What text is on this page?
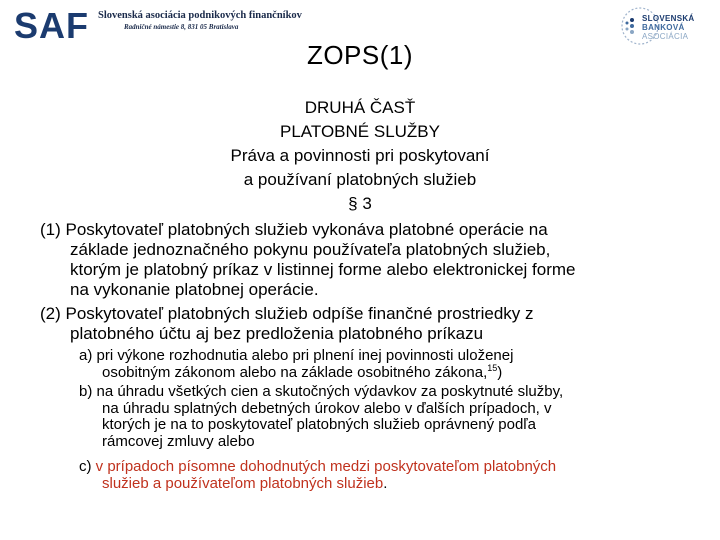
SAF Slovenská asociácia podnikových finančníkov
Radničné námestie 8, 831 05 Bratislava
SLOVENSKÁ
BANKOVÁ
ASOCIÁCIA
ZOPS(1)
DRUHÁ ČASŤ
PLATOBNÉ SLUŽBY
Práva a povinnosti pri poskytovaní
a používaní platobných služieb
§ 3
(1) Poskytovateľ platobných služieb vykonáva platobné operácie na
základe jednoznačného pokynu používateľa platobných služieb,
ktorým je platobný príkaz v listinnej forme alebo elektronickej forme
na vykonanie platobnej operácie.
(2) Poskytovateľ platobných služieb odpíše finančné prostriedky z
platobného účtu aj bez predloženia platobného príkazu
a) pri výkone rozhodnutia alebo pri plnení inej povinnosti uloženej
osobitným zákonom alebo na základe osobitného zákona,$^{15}$)
b) na úhradu všetkých cien a skutočných výdavkov za poskytnuté služby,
na úhradu splatných debetných úrokov alebo v ďalších prípadoch, v
ktorých je na to poskytovateľ platobných služieb oprávnený podľa
rámcovej zmluvy alebo
c) v prípadoch písomne dohodnutých medzi poskytovateľom platobných
služieb a používateľom platobných služieb.
